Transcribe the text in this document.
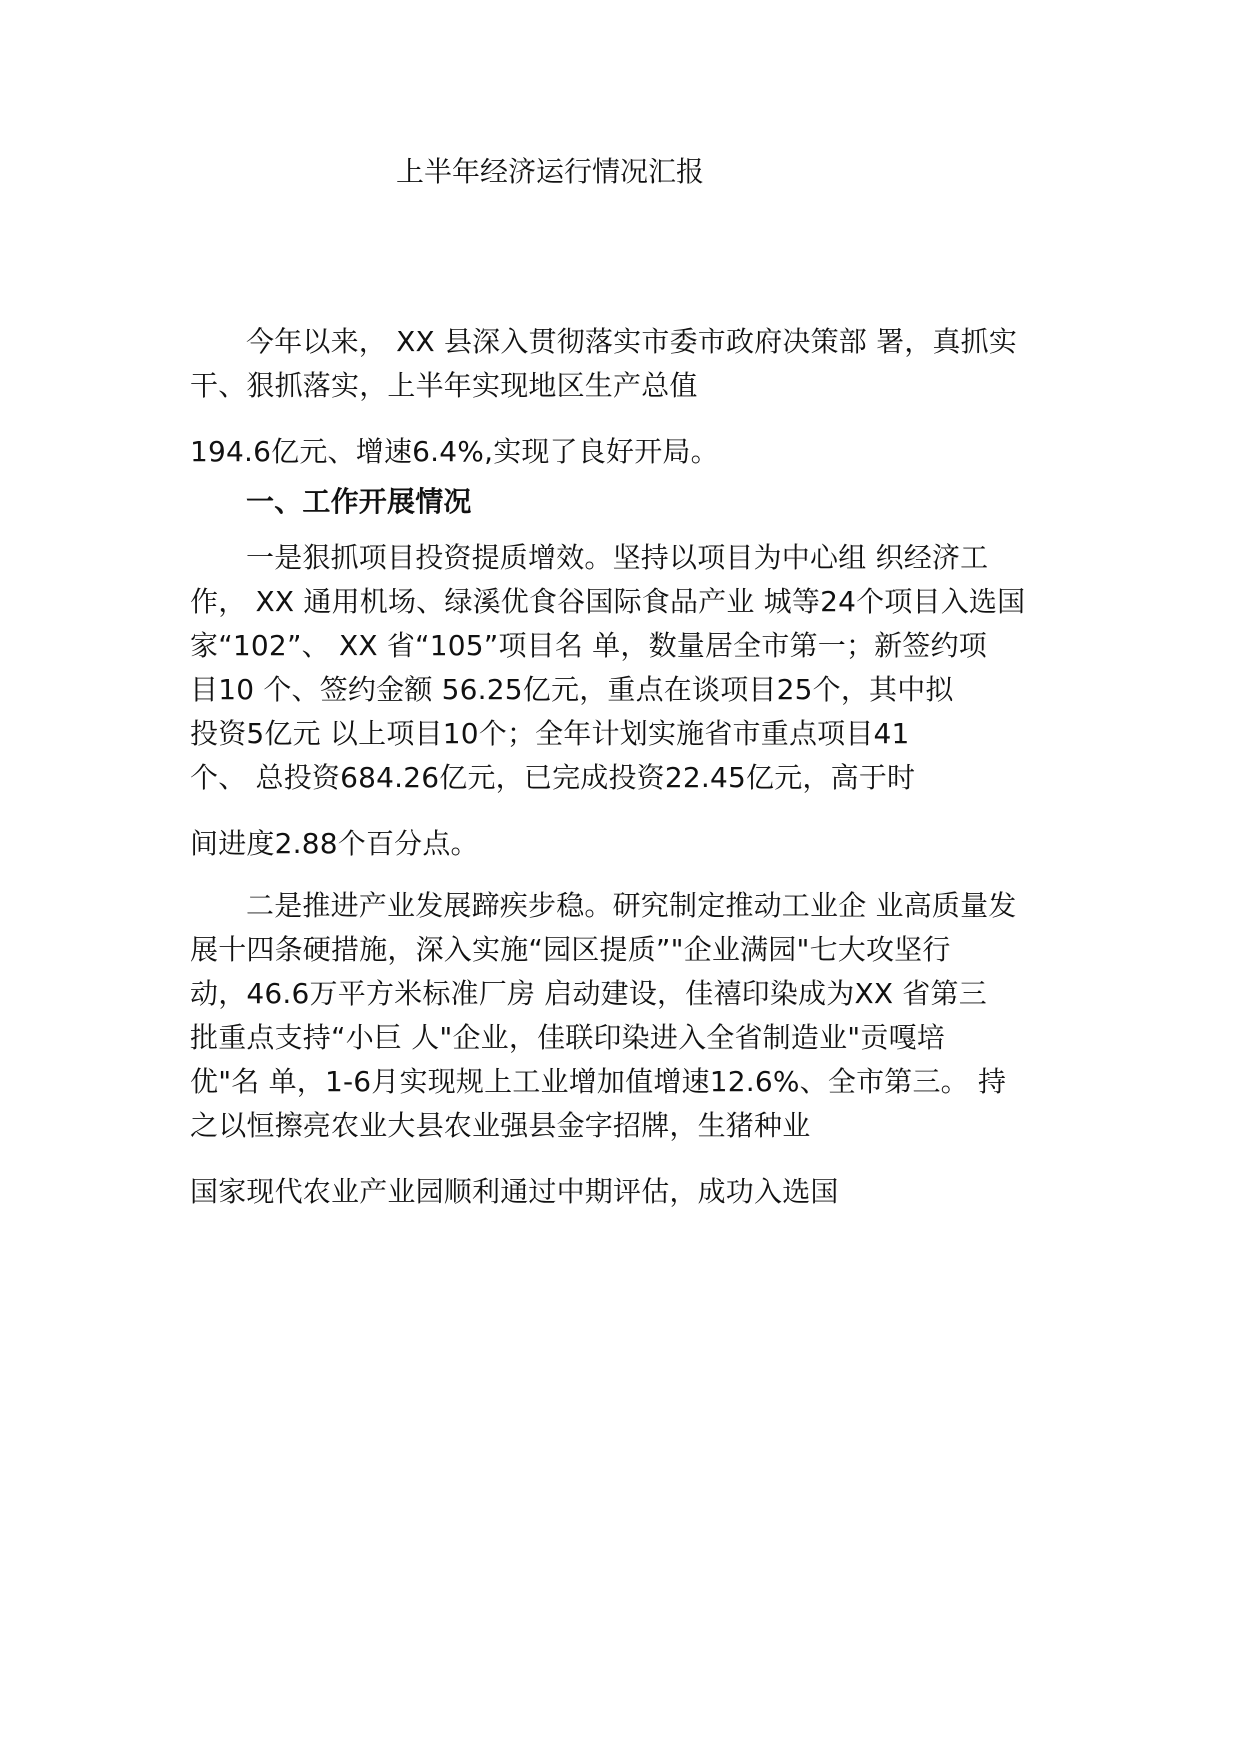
上半年经济运行情况汇报
今年以来， XX 县深入贯彻落实市委市政府决策部 署，真抓实
干、狠抓落实，上半年实现地区生产总值
194.6亿元、增速6.4%,实现了良好开局。
一、工作开展情况
一是狠抓项目投资提质增效。坚持以项目为中心组 织经济工
作， XX 通用机场、绿溪优食谷国际食品产业 城等24个项目入选国
家“102”、 XX 省“105”项目名 单，数量居全市第一；新签约项
目10 个、签约金额 56.25亿元，重点在谈项目25个，其中拟
投资5亿元 以上项目10个；全年计划实施省市重点项目41
个、 总投资684.26亿元，已完成投资22.45亿元，高于时
间进度2.88个百分点。
二是推进产业发展蹄疾步稳。研究制定推动工业企 业高质量发
展十四条硬措施，深入实施“园区提质”"企业满园"七大攻坚行
动，46.6万平方米标准厂房 启动建设，佳禧印染成为XX 省第三
批重点支持“小巨 人"企业，佳联印染进入全省制造业"贡嘎培
优"名 单，1-6月实现规上工业增加值增速12.6%、全市第三。 持
之以恒擦亮农业大县农业强县金字招牌，生猪种业
国家现代农业产业园顺利通过中期评估，成功入选国
